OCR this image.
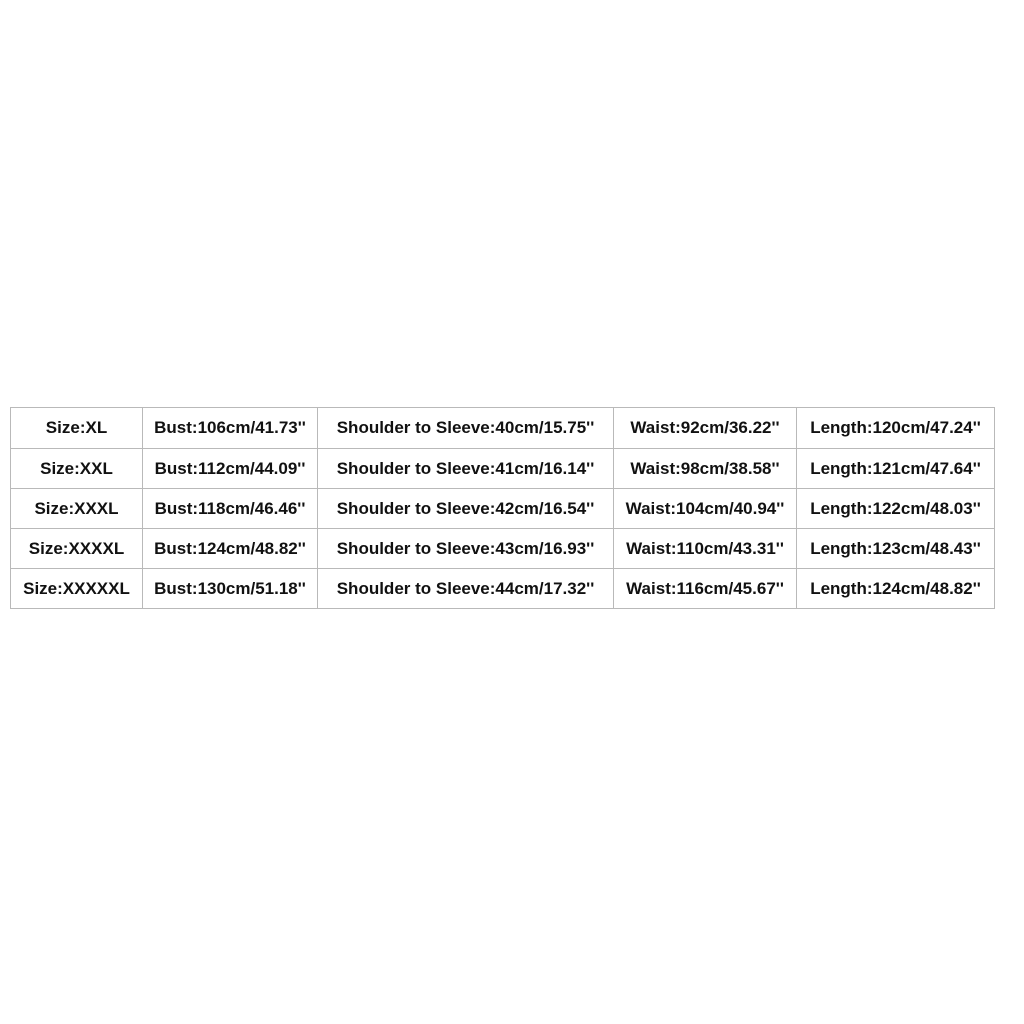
Size:XL	Bust:106cm/41.73''	Shoulder to Sleeve:40cm/15.75''	Waist:92cm/36.22''	Length:120cm/47.24''
Size:XXL	Bust:112cm/44.09''	Shoulder to Sleeve:41cm/16.14''	Waist:98cm/38.58''	Length:121cm/47.64''
Size:XXXL	Bust:118cm/46.46''	Shoulder to Sleeve:42cm/16.54''	Waist:104cm/40.94''	Length:122cm/48.03''
Size:XXXXL	Bust:124cm/48.82''	Shoulder to Sleeve:43cm/16.93''	Waist:110cm/43.31''	Length:123cm/48.43''
Size:XXXXXL	Bust:130cm/51.18''	Shoulder to Sleeve:44cm/17.32''	Waist:116cm/45.67''	Length:124cm/48.82''
